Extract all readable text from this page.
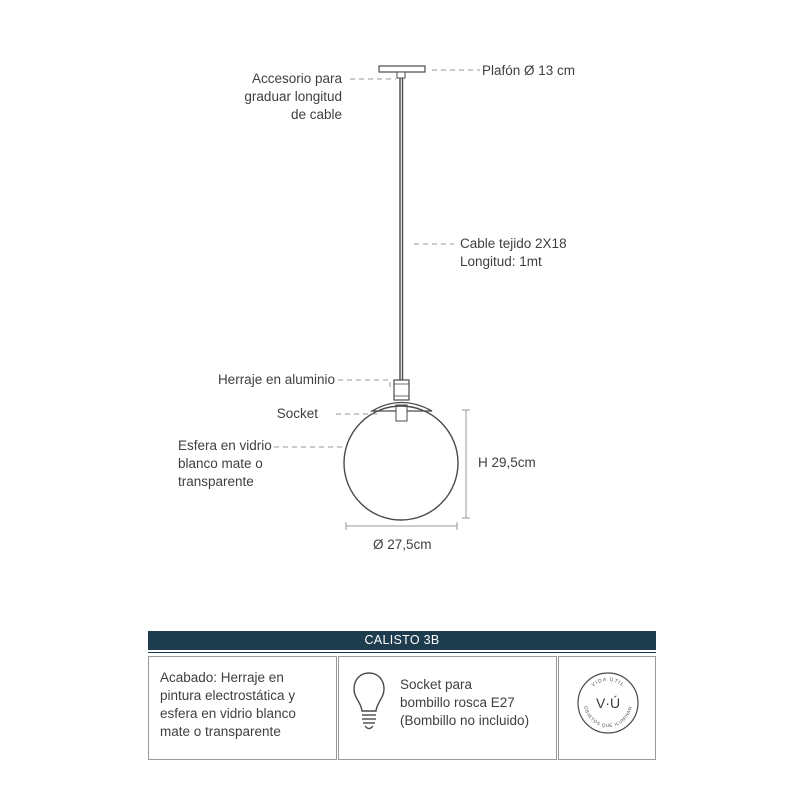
Plafón Ø 13 cm
Accesorio para
graduar longitud
de cable
Cable tejido 2X18
Longitud: 1mt
Herraje en aluminio
Socket
Esfera en vidrio
blanco mate o
transparente
H 29,5cm
Ø 27,5cm
CALISTO 3B
Acabado: Herraje en
pintura electrostática y
esfera en vidrio blanco
mate o transparente
Socket para
bombillo rosca E27
(Bombillo no incluido)
VIDA ÚTIL
OBJETOS QUE ILUMINAN
V·Ú
